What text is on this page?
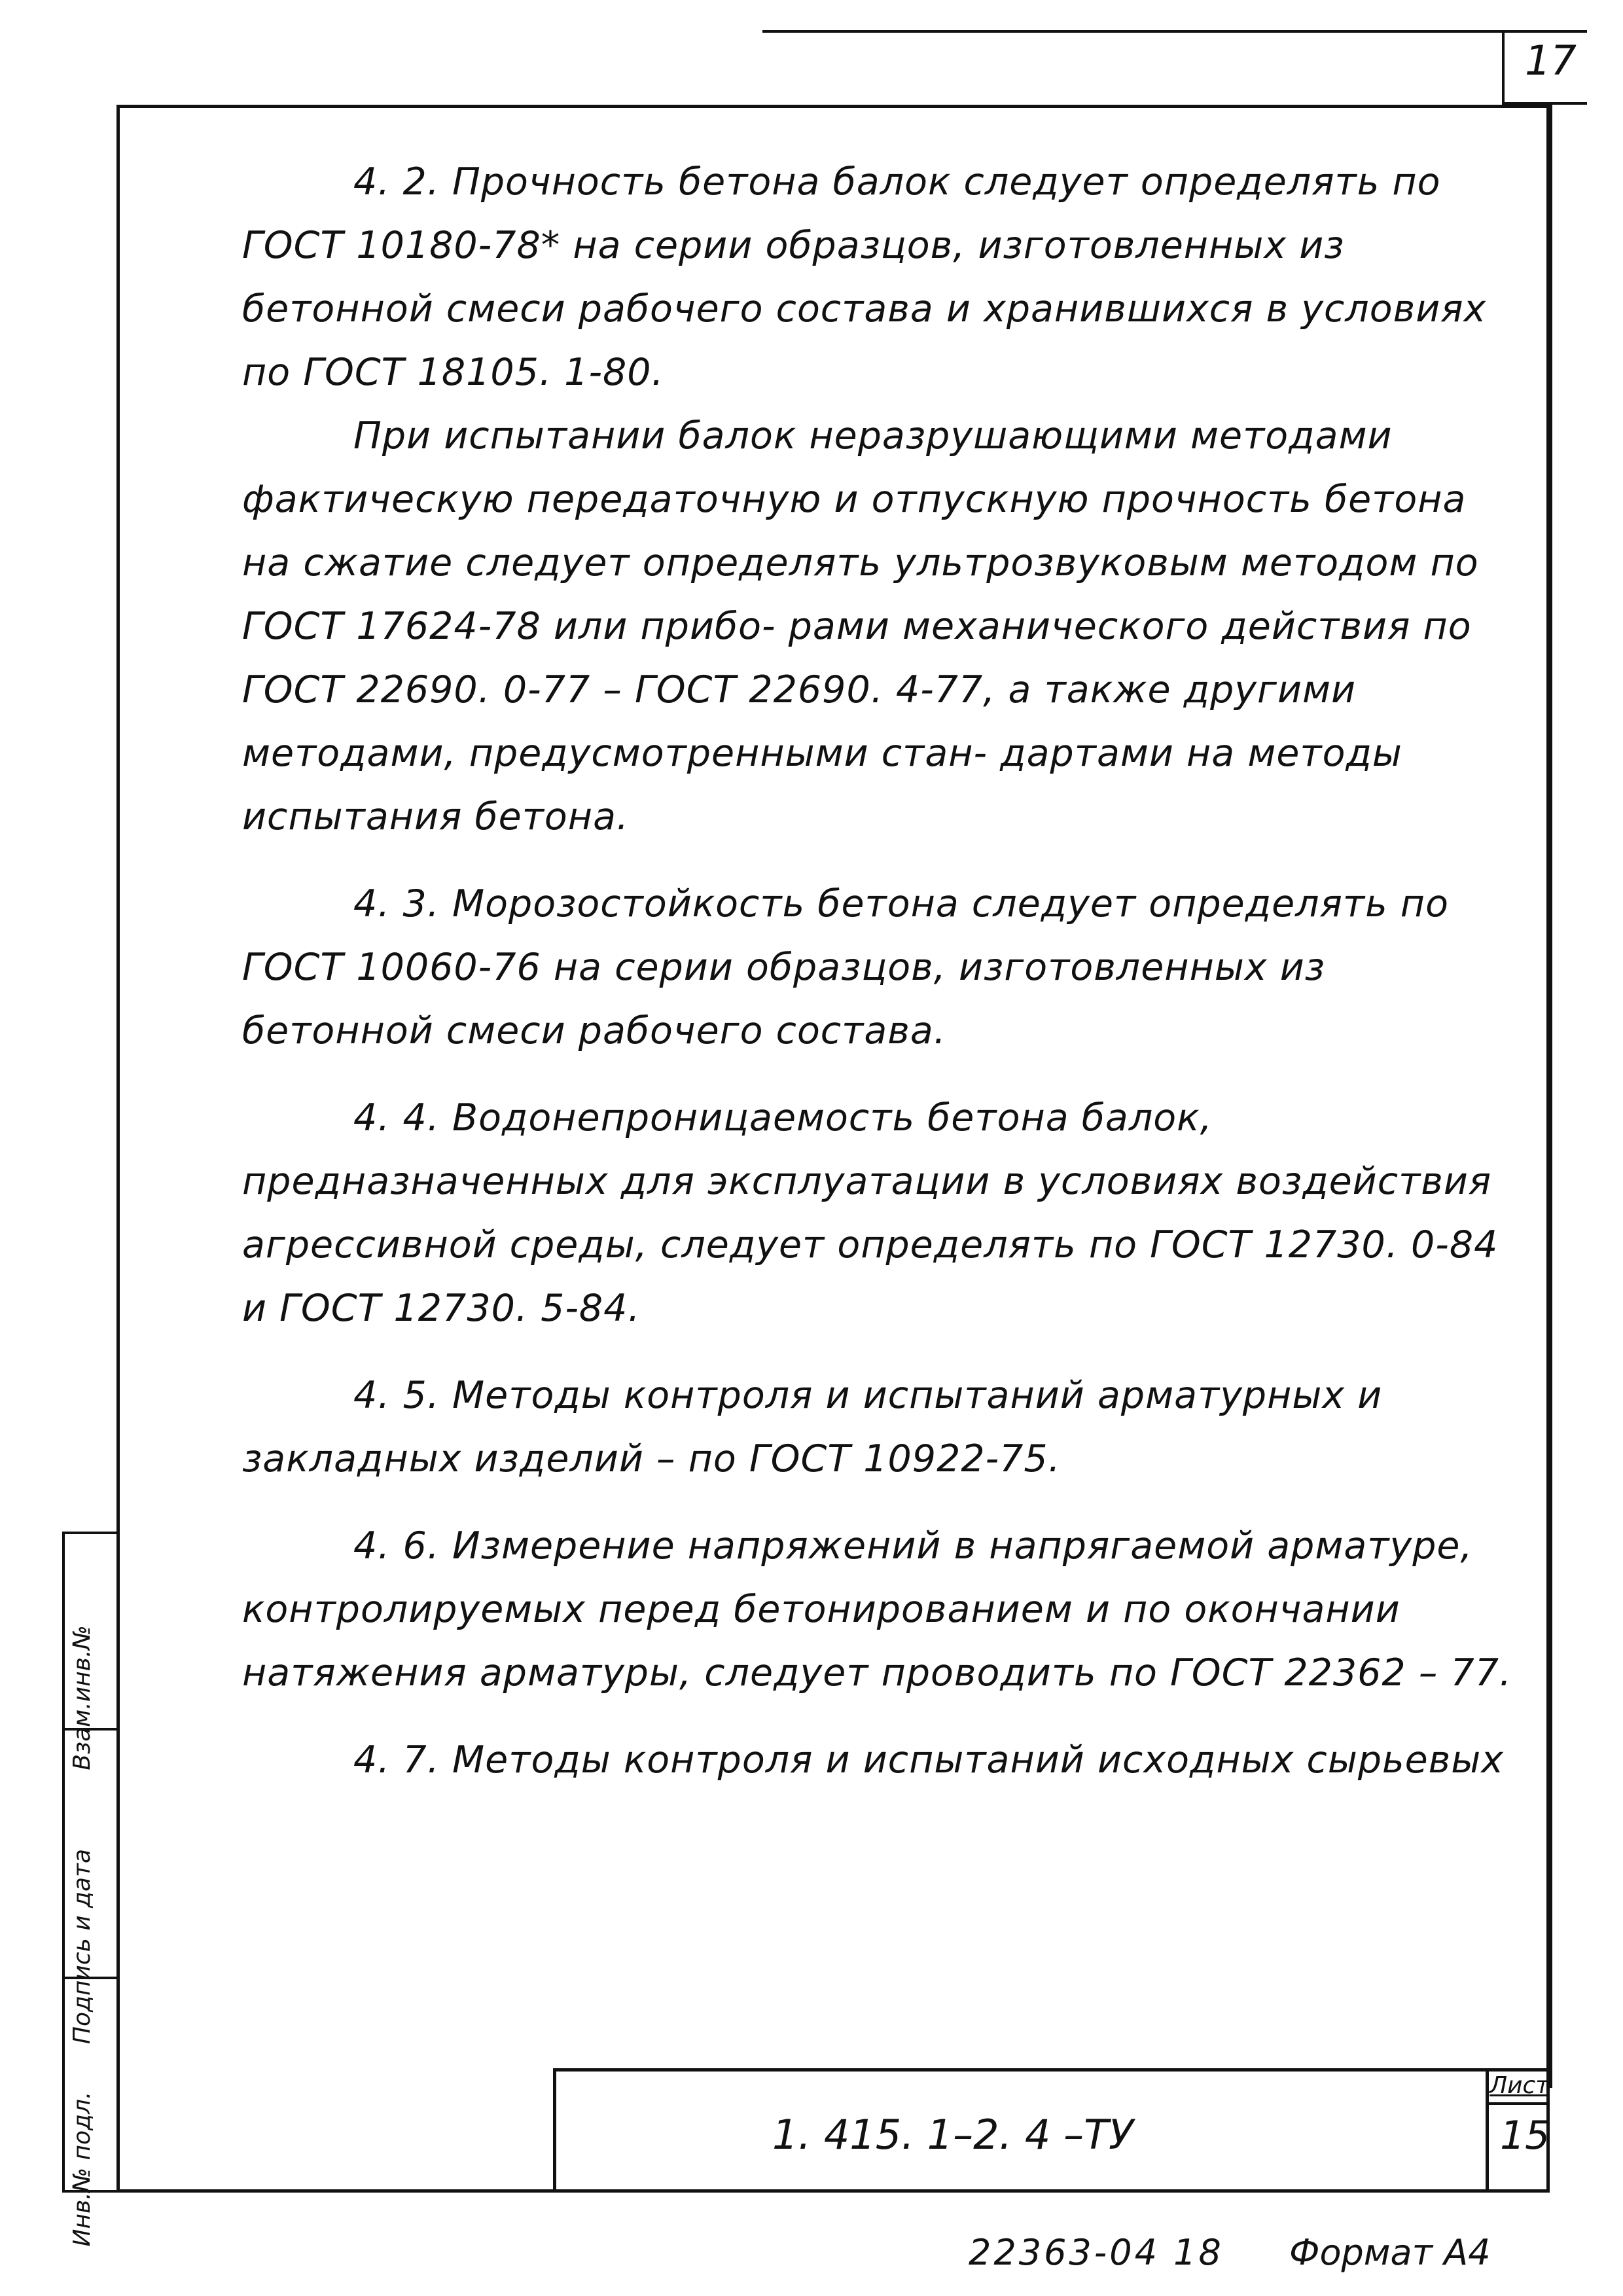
17

4. 2. Прочность бетона балок следует определять по ГОСТ 10180-78* на серии образцов, изготовленных из бетонной смеси рабочего состава и хранившихся в условиях по ГОСТ 18105. 1-80.

При испытании балок неразрушающими методами фактическую передаточную и отпускную прочность бетона на сжатие следует определять ультрозвуковым методом по ГОСТ 17624-78 или прибо- рами механического действия по ГОСТ 22690. 0-77 – ГОСТ 22690. 4-77, а также другими методами, предусмотренными стан- дартами на методы испытания бетона.

4. 3. Морозостойкость бетона следует определять по ГОСТ 10060-76 на серии образцов, изготовленных из бетонной смеси рабочего состава.

4. 4. Водонепроницаемость бетона балок, предназначенных для эксплуатации в условиях воздействия агрессивной среды, следует определять по ГОСТ 12730. 0-84 и ГОСТ 12730. 5-84.

4. 5. Методы контроля и испытаний арматурных и закладных изделий – по ГОСТ 10922-75.

4. 6. Измерение напряжений в напрягаемой арматуре, контролируемых перед бетонированием и по окончании натяжения арматуры, следует проводить по ГОСТ 22362 – 77.

4. 7. Методы контроля и испытаний исходных сырьевых

Взам.инв.№
Подпись и дата
Инв.№ подл.	1. 415. 1–2. 4 –ТУ
Лист
15
22363-04 18 Формат А4
